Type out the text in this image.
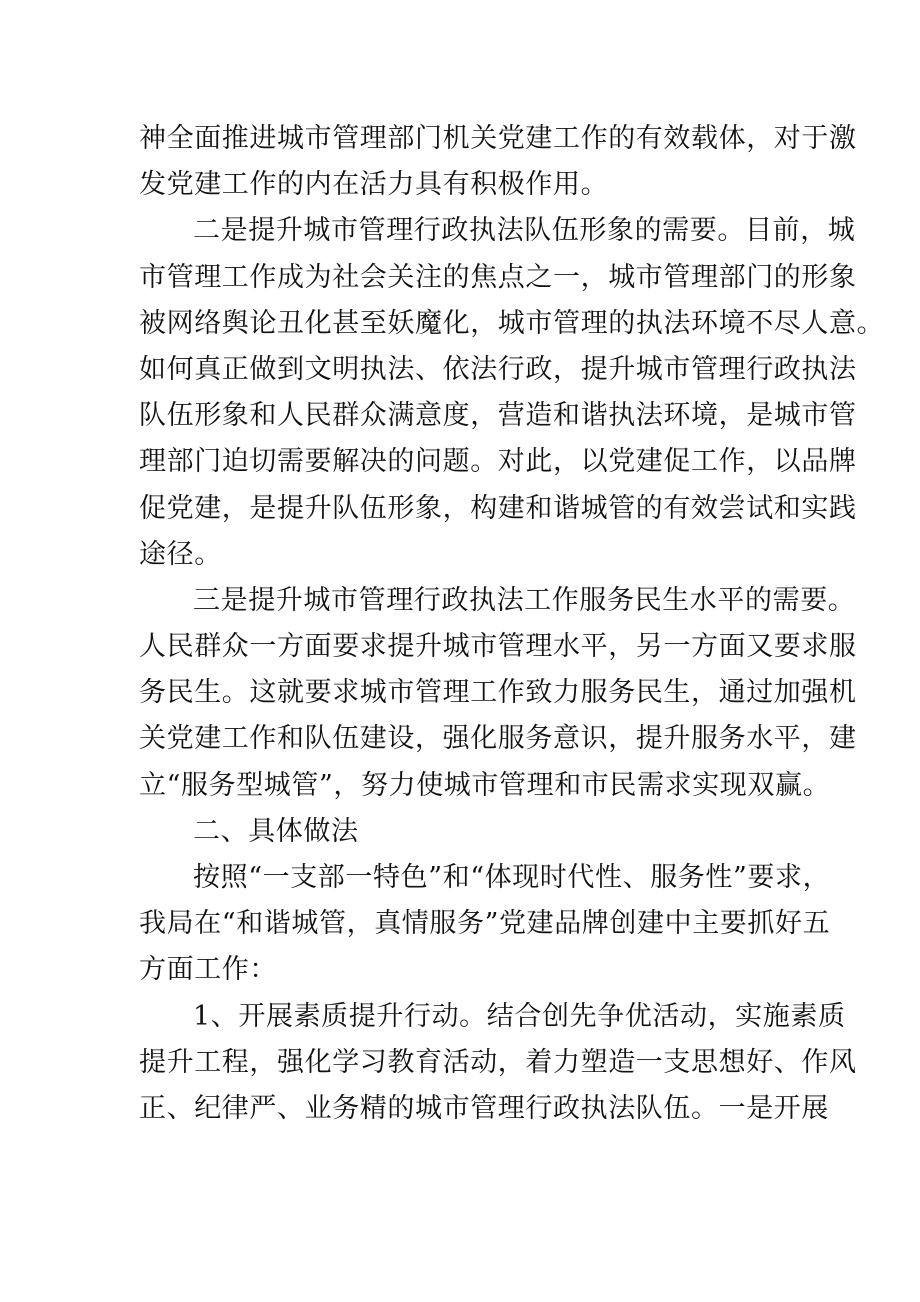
神全面推进城市管理部门机关党建工作的有效载体，对于激
发党建工作的内在活力具有积极作用。
二是提升城市管理行政执法队伍形象的需要。目前，城
市管理工作成为社会关注的焦点之一，城市管理部门的形象
被网络舆论丑化甚至妖魔化，城市管理的执法环境不尽人意。
如何真正做到文明执法、依法行政，提升城市管理行政执法
队伍形象和人民群众满意度，营造和谐执法环境，是城市管
理部门迫切需要解决的问题。对此，以党建促工作，以品牌
促党建，是提升队伍形象，构建和谐城管的有效尝试和实践
途径。
三是提升城市管理行政执法工作服务民生水平的需要。
人民群众一方面要求提升城市管理水平，另一方面又要求服
务民生。这就要求城市管理工作致力服务民生，通过加强机
关党建工作和队伍建设，强化服务意识，提升服务水平，建
立“服务型城管”，努力使城市管理和市民需求实现双赢。
二、具体做法
按照“一支部一特色”和“体现时代性、服务性”要求，
我局在“和谐城管，真情服务”党建品牌创建中主要抓好五
方面工作：
1、开展素质提升行动。结合创先争优活动，实施素质
提升工程，强化学习教育活动，着力塑造一支思想好、作风
正、纪律严、业务精的城市管理行政执法队伍。一是开展
